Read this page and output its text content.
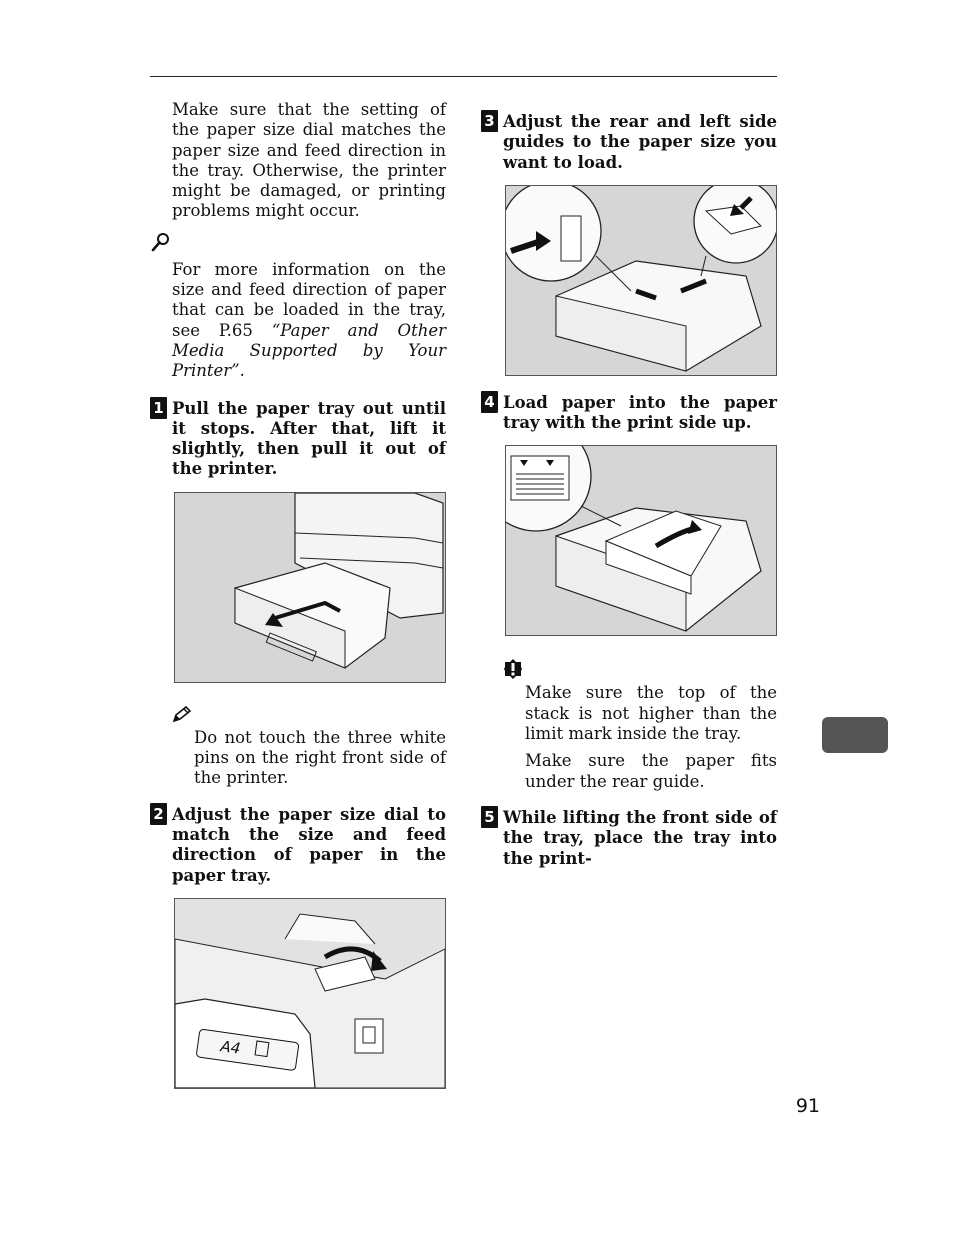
Make sure that the setting of the paper size dial matches the paper size and feed direction in the tray. Otherwise, the printer might be damaged, or printing problems might occur.

For more information on the size and feed direction of paper that can be loaded in the tray, see P.65 “Paper and Other Media Supported by Your Printer”.

1 Pull the paper tray out until it stops. After that, lift it slightly, then pull it out of the printer.

Do not touch the three white pins on the right front side of the printer.

2 Adjust the paper size dial to match the size and feed direction of paper in the paper tray.
A4
3 Adjust the rear and left side guides to the paper size you want to load.
4 Load paper into the paper tray with the print side up.

Make sure the top of the stack is not higher than the limit mark inside the tray.

Make sure the paper fits under the rear guide.

5 While lifting the front side of the tray, place the tray into the print-
91
